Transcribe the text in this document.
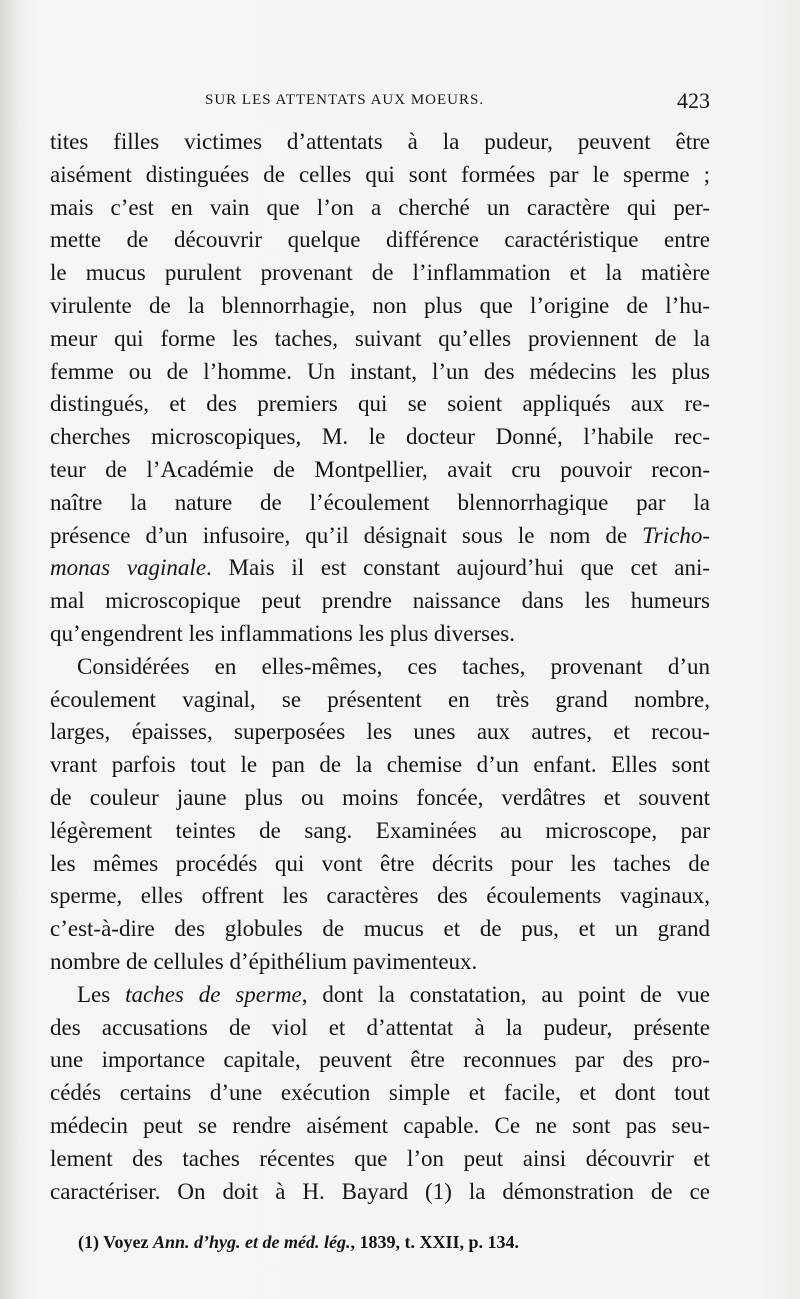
SUR LES ATTENTATS AUX MOEURS.	423
tites filles victimes d’attentats à la pudeur, peuvent être
aisément distinguées de celles qui sont formées par le sperme ;
mais c’est en vain que l’on a cherché un caractère qui per-
mette de découvrir quelque différence caractéristique entre
le mucus purulent provenant de l’inflammation et la matière
virulente de la blennorrhagie, non plus que l’origine de l’hu-
meur qui forme les taches, suivant qu’elles proviennent de la
femme ou de l’homme. Un instant, l’un des médecins les plus
distingués, et des premiers qui se soient appliqués aux re-
cherches microscopiques, M. le docteur Donné, l’habile rec-
teur de l’Académie de Montpellier, avait cru pouvoir recon-
naître la nature de l’écoulement blennorrhagique par la
présence d’un infusoire, qu’il désignait sous le nom de Tricho-
monas vaginale. Mais il est constant aujourd’hui que cet ani-
mal microscopique peut prendre naissance dans les humeurs
qu’engendrent les inflammations les plus diverses.
Considérées en elles-mêmes, ces taches, provenant d’un
écoulement vaginal, se présentent en très grand nombre,
larges, épaisses, superposées les unes aux autres, et recou-
vrant parfois tout le pan de la chemise d’un enfant. Elles sont
de couleur jaune plus ou moins foncée, verdâtres et souvent
légèrement teintes de sang. Examinées au microscope, par
les mêmes procédés qui vont être décrits pour les taches de
sperme, elles offrent les caractères des écoulements vaginaux,
c’est-à-dire des globules de mucus et de pus, et un grand
nombre de cellules d’épithélium pavimenteux.
Les taches de sperme, dont la constatation, au point de vue
des accusations de viol et d’attentat à la pudeur, présente
une importance capitale, peuvent être reconnues par des pro-
cédés certains d’une exécution simple et facile, et dont tout
médecin peut se rendre aisément capable. Ce ne sont pas seu-
lement des taches récentes que l’on peut ainsi découvrir et
caractériser. On doit à H. Bayard (1) la démonstration de ce
(1) Voyez Ann. d’hyg. et de méd. lég., 1839, t. XXII, p. 134.
